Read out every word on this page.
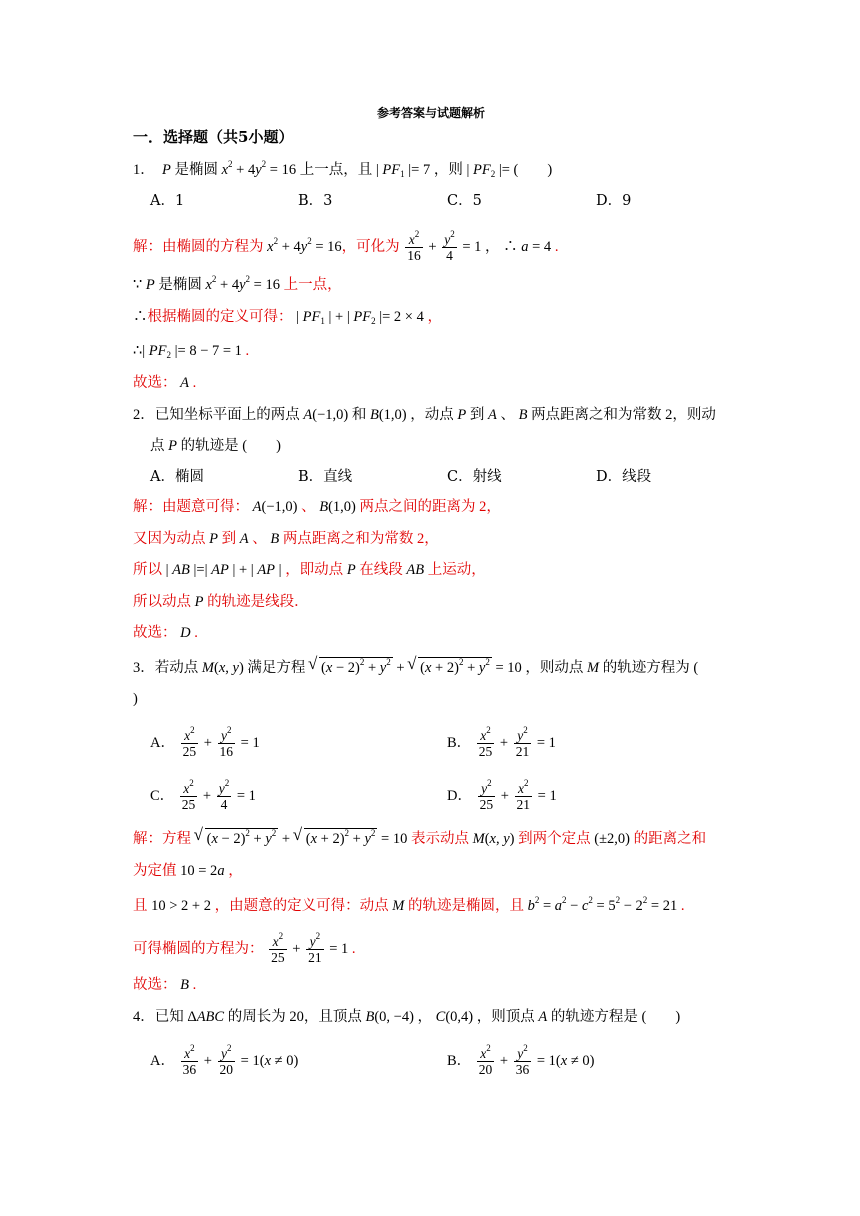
参考答案与试题解析
一．选择题（共5小题）
1．  P 是椭圆 $x^2 + 4y^2 = 16$ 上一点，且 | $PF_1$ |= 7 ，则 | $PF_2$ |= (        )
A．1	B．3	C．5	D．9
解：由椭圆的方程为 $x^2 + 4y^2 = 16$，可化为 $\frac{x^2}{16} + \frac{y^2}{4} = 1$ ， ∴ a = 4 .
∵ P 是椭圆 $x^2 + 4y^2 = 16$ 上一点，
∴根据椭圆的定义可得： | $PF_1$ | + | $PF_2$ |= 2 × 4 ，
∴| $PF_2$ |= 8 − 7 = 1 .
故选： A .
2．已知坐标平面上的两点 A(−1,0) 和 B(1,0) ，动点 P 到 A 、 B 两点距离之和为常数 2，则动
点 P 的轨迹是 (        )
A．椭圆	B．直线	C．射线	D．线段
解：由题意可得： A(−1,0) 、 B(1,0) 两点之间的距离为 2，
又因为动点 P 到 A 、 B 两点距离之和为常数 2，
所以 | AB |=| AP | + | AP | ，即动点 P 在线段 AB 上运动，
所以动点 P 的轨迹是线段．
故选： D .
3．若动点 M(x, y) 满足方程 √ $(x - 2)^2 + y^2$ + √ $(x + 2)^2 + y^2 = 10$ ，则动点 M 的轨迹方程为 (
)
A． $\frac{x^2}{25} + \frac{y^2}{16} = 1$	B． $\frac{x^2}{25} + \frac{y^2}{21} = 1$
C． $\frac{x^2}{25} + \frac{y^2}{4} = 1$	D． $\frac{y^2}{25} + \frac{x^2}{21} = 1$
解：方程 √ $(x - 2)^2 + y^2$ + √ $(x + 2)^2 + y^2 = 10$ 表示动点 M(x, y) 到两个定点 (±2,0) 的距离之和
为定值 10 = 2a ，
且 10 > 2 + 2 ，由题意的定义可得：动点 M 的轨迹是椭圆，且 $b^2 = a^2 - c^2 = 5^2 - 2^2 = 21$ .
可得椭圆的方程为： $\frac{x^2}{25} + \frac{y^2}{21} = 1$ .
故选： B .
4．已知 ΔABC 的周长为 20，且顶点 B(0, −4) ， C(0,4) ，则顶点 A 的轨迹方程是 (        )
A． $\frac{x^2}{36} + \frac{y^2}{20} = 1(x \ne 0)$	B． $\frac{x^2}{20} + \frac{y^2}{36} = 1(x \ne 0)$
